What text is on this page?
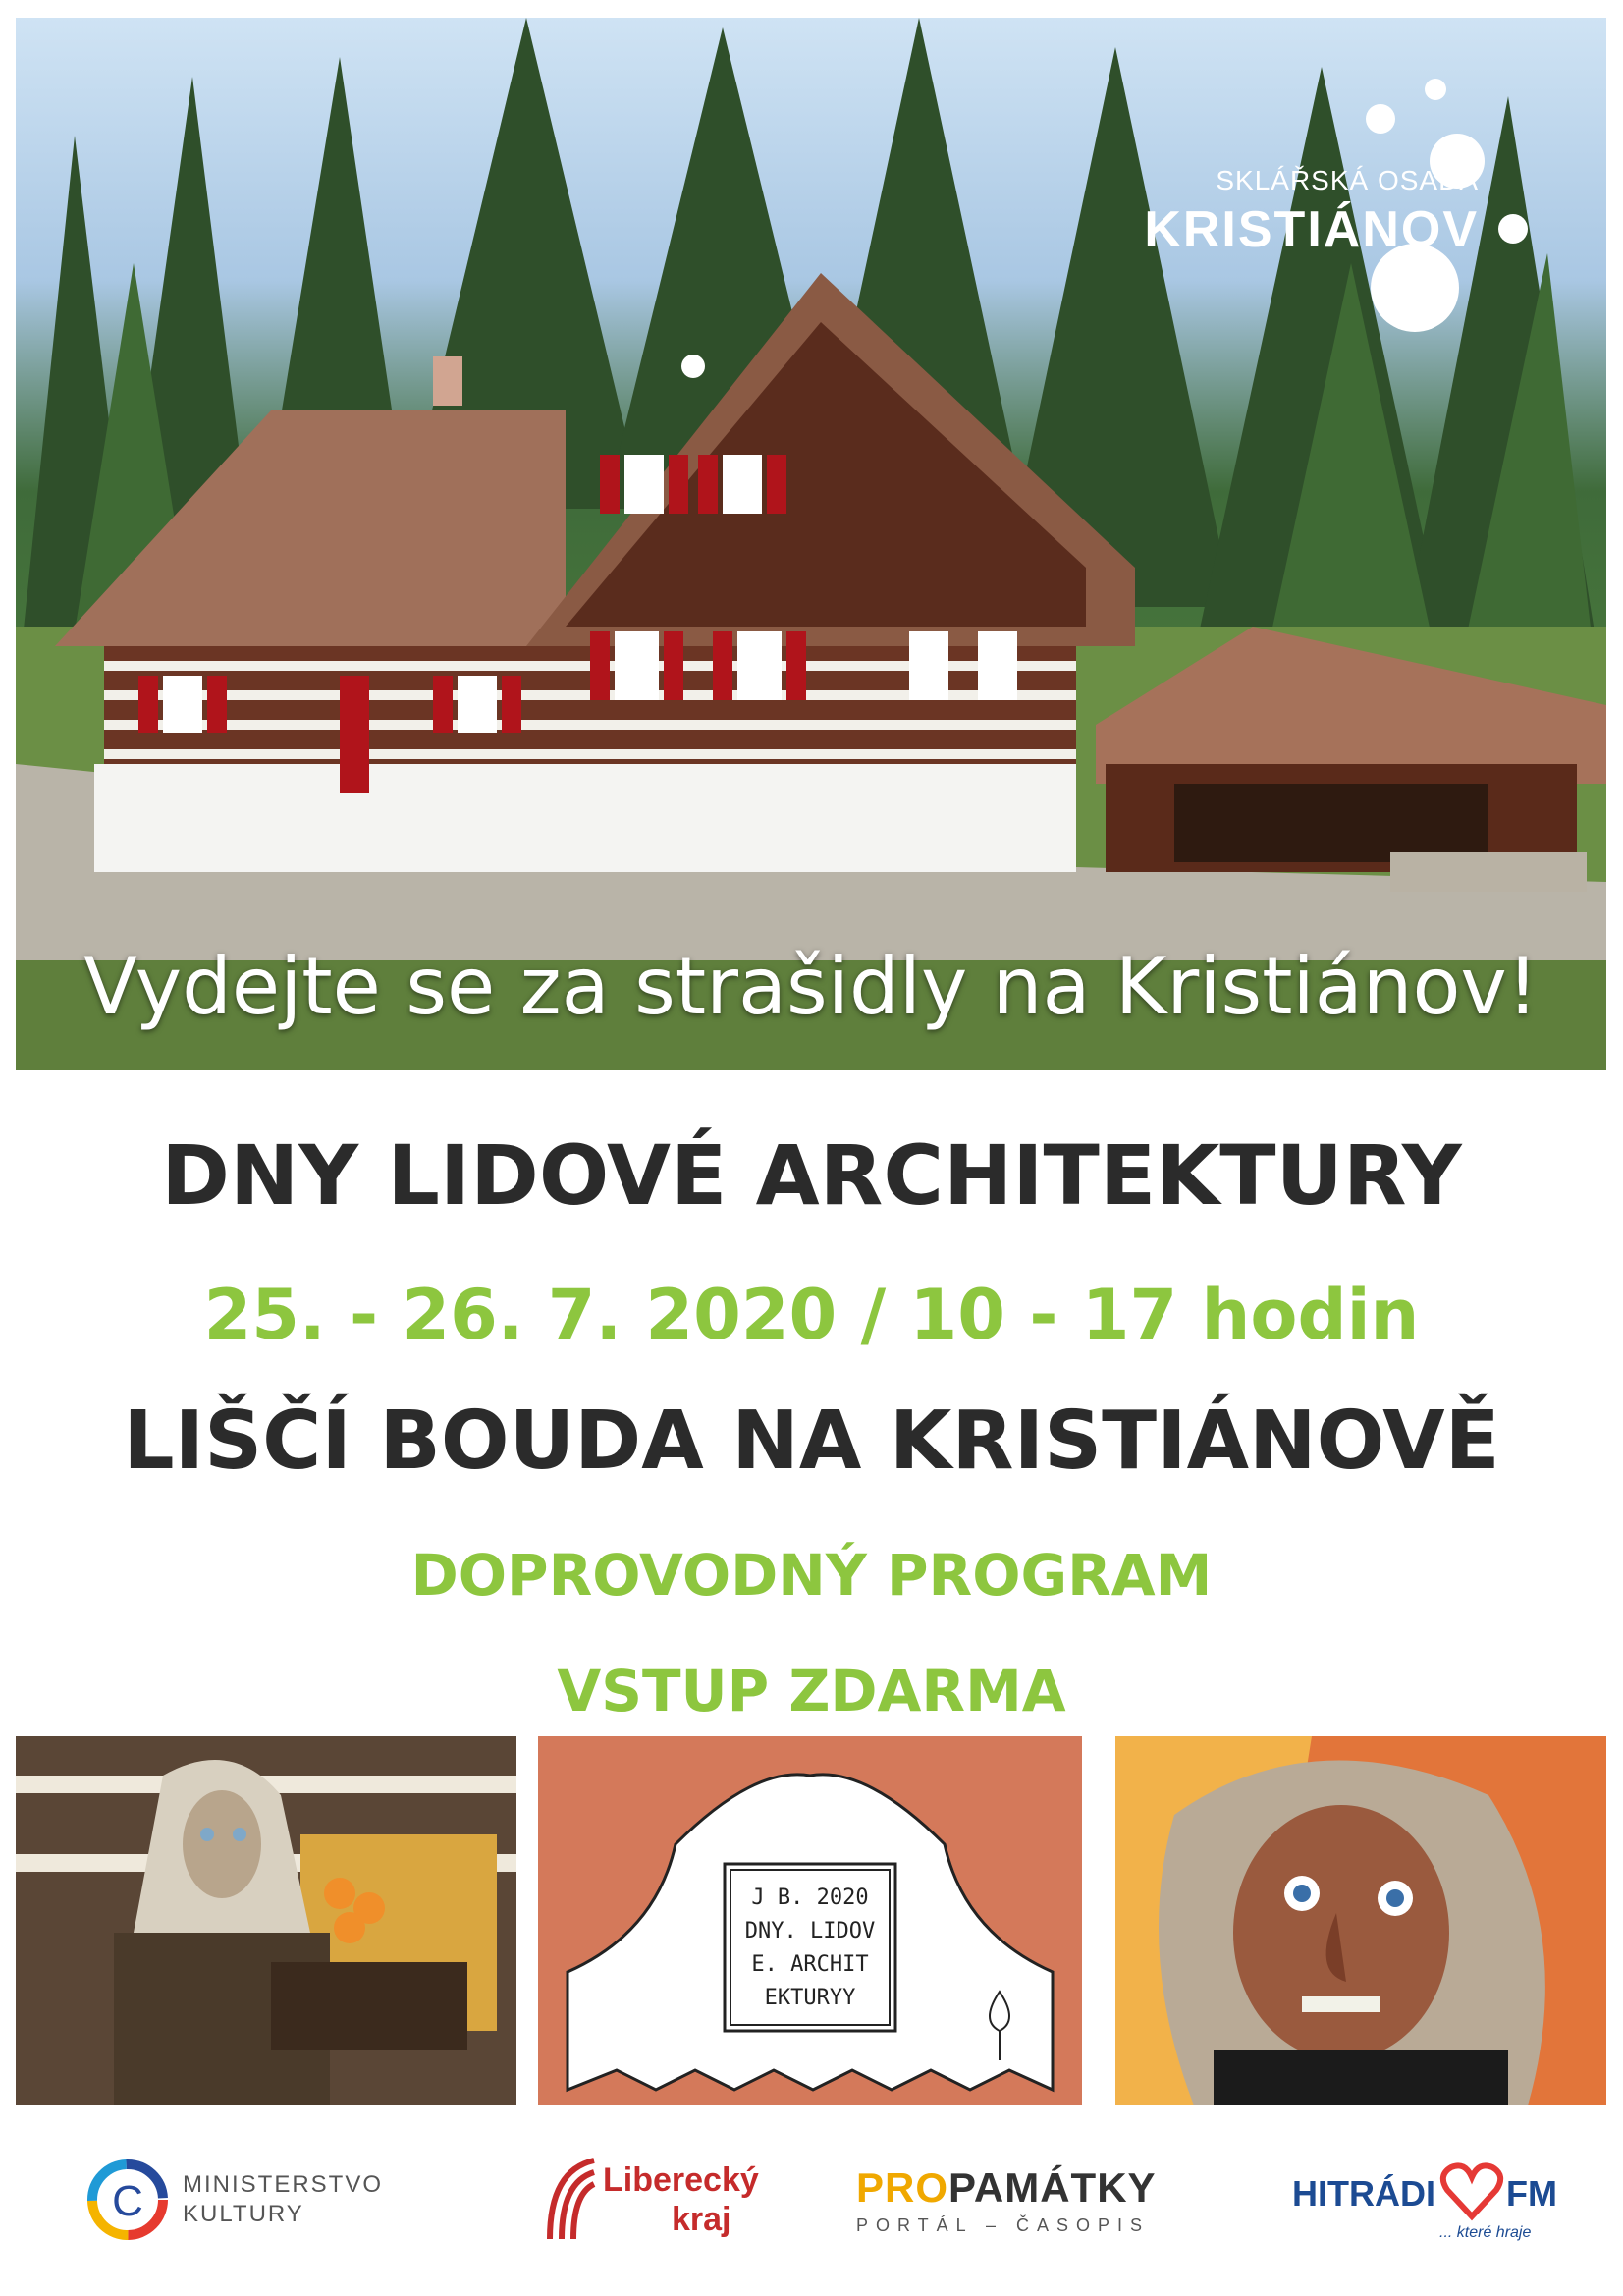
SKLÁŘSKÁ OSADA
KRISTIÁNOV
Vydejte se za strašidly na Kristiánov!
DNY LIDOVÉ ARCHITEKTURY
25. - 26. 7. 2020 / 10 - 17 hodin
LIŠČÍ BOUDA NA KRISTIÁNOVĚ
DOPROVODNÝ PROGRAM
VSTUP ZDARMA
J B. 2020
DNY. LIDOV
E. ARCHIT
EKTURYY
C MINISTERSTVO
KULTURY
Liberecký
kraj
PROPAMÁTKY
PORTÁL – ČASOPIS
HITRÁDI FM
... které hraje
